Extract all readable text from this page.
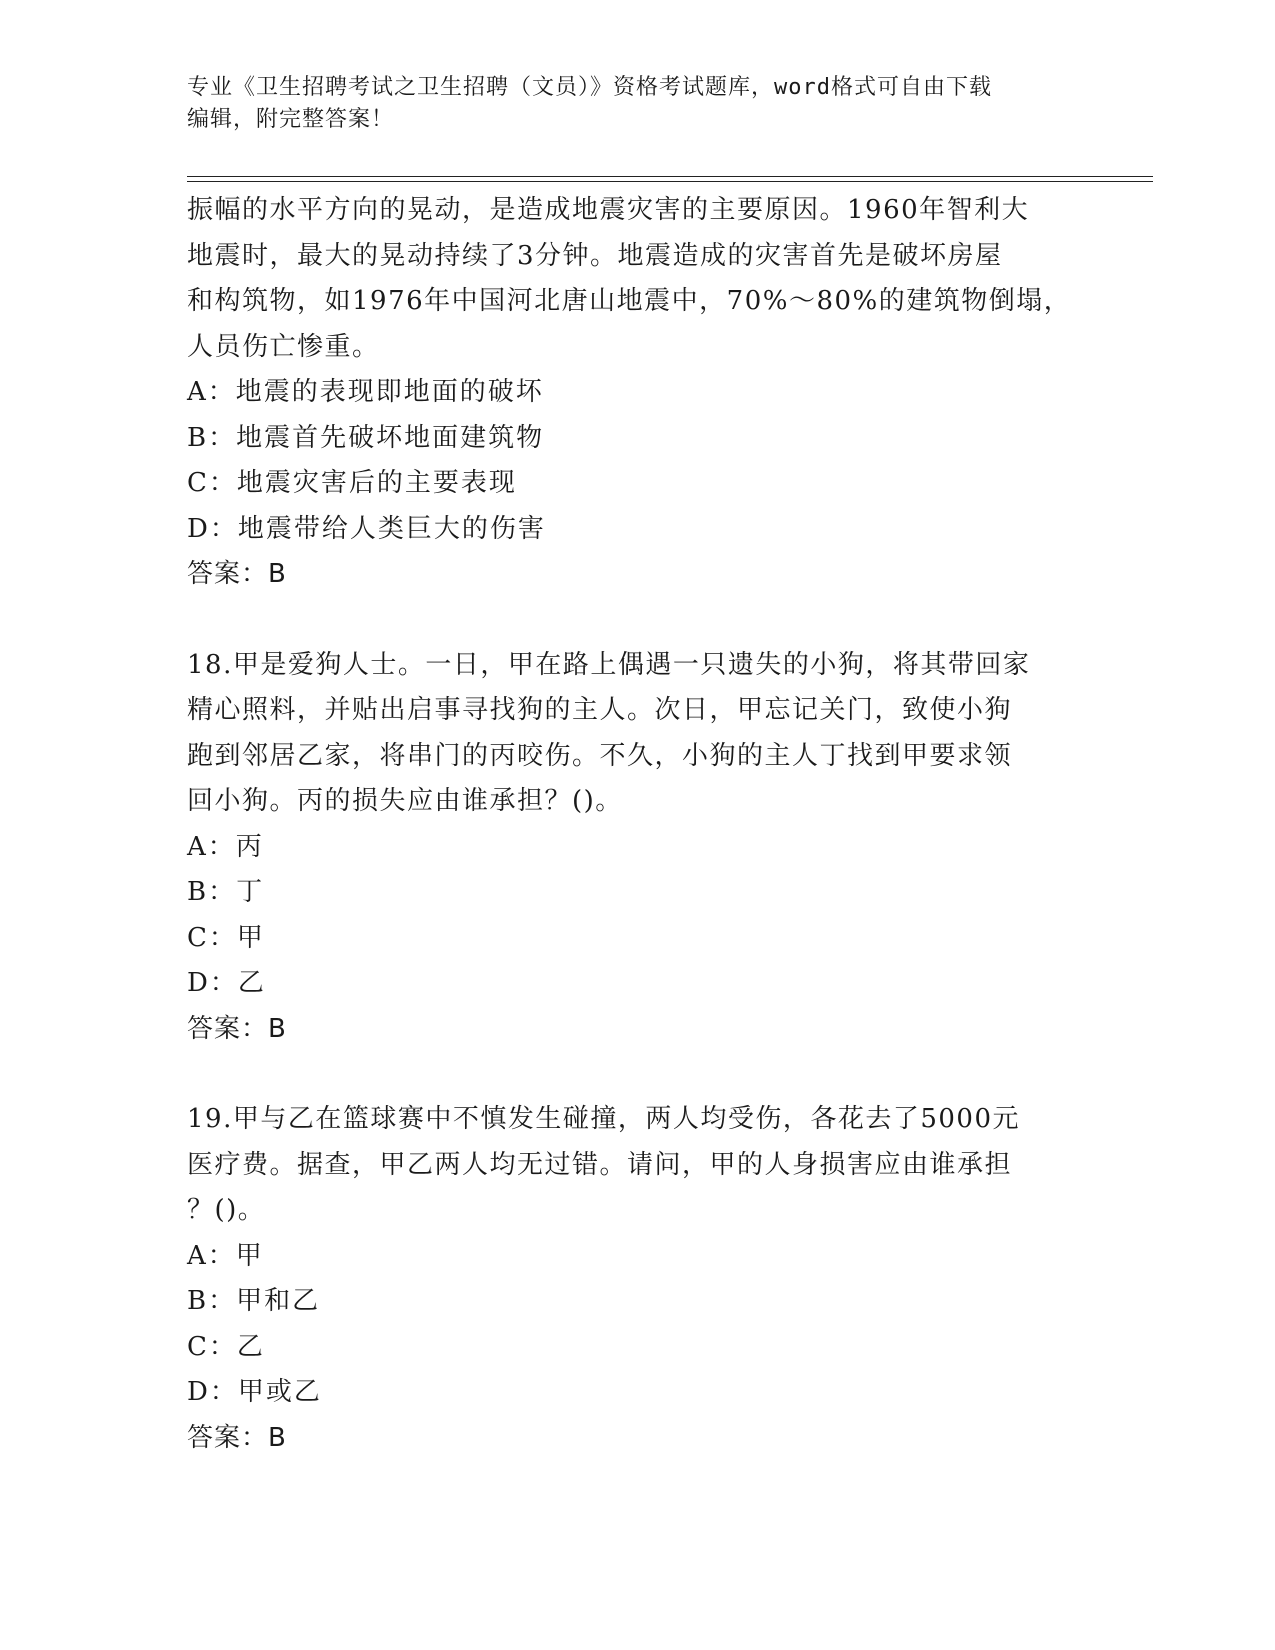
专业《卫生招聘考试之卫生招聘（文员）》资格考试题库，word格式可自由下载
编辑，附完整答案！

振幅的水平方向的晃动，是造成地震灾害的主要原因。1960年智利大

地震时，最大的晃动持续了3分钟。地震造成的灾害首先是破坏房屋

和构筑物，如1976年中国河北唐山地震中，70%～80%的建筑物倒塌，

人员伤亡惨重。

A：地震的表现即地面的破坏

B：地震首先破坏地面建筑物

C：地震灾害后的主要表现

D：地震带给人类巨大的伤害

答案：B

18.甲是爱狗人士。一日，甲在路上偶遇一只遗失的小狗，将其带回家

精心照料，并贴出启事寻找狗的主人。次日，甲忘记关门，致使小狗

跑到邻居乙家，将串门的丙咬伤。不久，小狗的主人丁找到甲要求领

回小狗。丙的损失应由谁承担？()。

A：丙

B：丁

C：甲

D：乙

答案：B

19.甲与乙在篮球赛中不慎发生碰撞，两人均受伤，各花去了5000元

医疗费。据查，甲乙两人均无过错。请问，甲的人身损害应由谁承担

？()。

A：甲

B：甲和乙

C：乙

D：甲或乙

答案：B
